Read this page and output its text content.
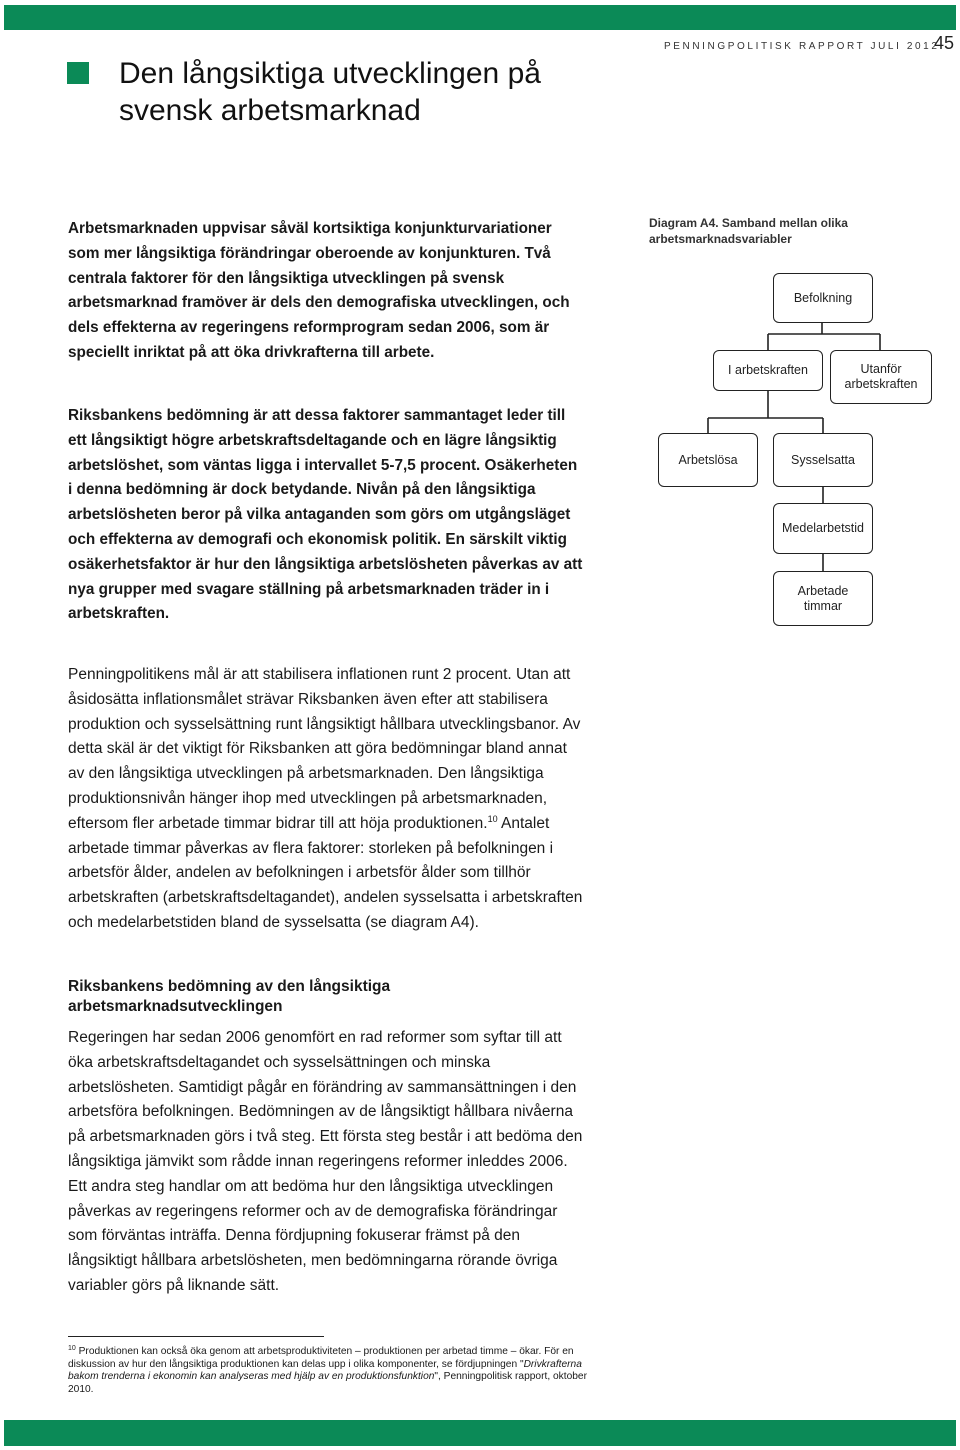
Den långsiktiga utvecklingen på
svensk arbetsmarknad
PENNINGPOLITISK RAPPORT JULI 2012
45

Arbetsmarknaden uppvisar såväl kortsiktiga konjunkturvariationer som mer långsiktiga förändringar oberoende av konjunkturen. Två centrala faktorer för den långsiktiga utvecklingen på svensk arbetsmarknad framöver är dels den demografiska utvecklingen, och dels effekterna av regeringens reformprogram sedan 2006, som är speciellt inriktat på att öka drivkrafterna till arbete.

Riksbankens bedömning är att dessa faktorer sammantaget leder till ett långsiktigt högre arbetskraftsdeltagande och en lägre långsiktig arbetslöshet, som väntas ligga i intervallet 5-7,5 procent. Osäkerheten i denna bedömning är dock betydande. Nivån på den långsiktiga arbetslösheten beror på vilka antaganden som görs om utgångsläget och effekterna av demografi och ekonomisk politik. En särskilt viktig osäkerhetsfaktor är hur den långsiktiga arbetslösheten påverkas av att nya grupper med svagare ställning på arbetsmarknaden träder in i arbetskraften.

Penningpolitikens mål är att stabilisera inflationen runt 2 procent. Utan att åsidosätta inflationsmålet strävar Riksbanken även efter att stabilisera produktion och sysselsättning runt långsiktigt hållbara utvecklingsbanor. Av detta skäl är det viktigt för Riksbanken att göra bedömningar bland annat av den långsiktiga utvecklingen på arbetsmarknaden. Den långsiktiga produktionsnivån hänger ihop med utvecklingen på arbetsmarknaden, eftersom fler arbetade timmar bidrar till att höja produktionen.$^{10}$ Antalet arbetade timmar påverkas av flera faktorer: storleken på befolkningen i arbetsför ålder, andelen av befolkningen i arbetsför ålder som tillhör arbetskraften (arbetskraftsdeltagandet), andelen sysselsatta i arbetskraften och medelarbetstiden bland de sysselsatta (se diagram A4).

Riksbankens bedömning av den långsiktiga arbetsmarknadsutvecklingen

Regeringen har sedan 2006 genomfört en rad reformer som syftar till att öka arbetskraftsdeltagandet och sysselsättningen och minska arbetslösheten. Samtidigt pågår en förändring av sammansättningen i den arbetsföra befolkningen. Bedömningen av de långsiktigt hållbara nivåerna på arbetsmarknaden görs i två steg. Ett första steg består i att bedöma den långsiktiga jämvikt som rådde innan regeringens reformer inleddes 2006. Ett andra steg handlar om att bedöma hur den långsiktiga utvecklingen påverkas av regeringens reformer och av de demografiska förändringar som förväntas inträffa. Denna fördjupning fokuserar främst på den långsiktigt hållbara arbetslösheten, men bedömningarna rörande övriga variabler görs på liknande sätt.

$^{10}$ Produktionen kan också öka genom att arbetsproduktiviteten – produktionen per arbetad timme – ökar. För en diskussion av hur den långsiktiga produktionen kan delas upp i olika komponenter, se fördjupningen "Drivkrafterna bakom trenderna i ekonomin kan analyseras med hjälp av en produktionsfunktion", Penningpolitisk rapport, oktober 2010.

Diagram A4. Samband mellan olika arbetsmarknadsvariabler

Befolkning
I arbetskraften	Utanför arbetskraften
Arbetslösa	Sysselsatta
Medelarbetstid
Arbetade timmar
